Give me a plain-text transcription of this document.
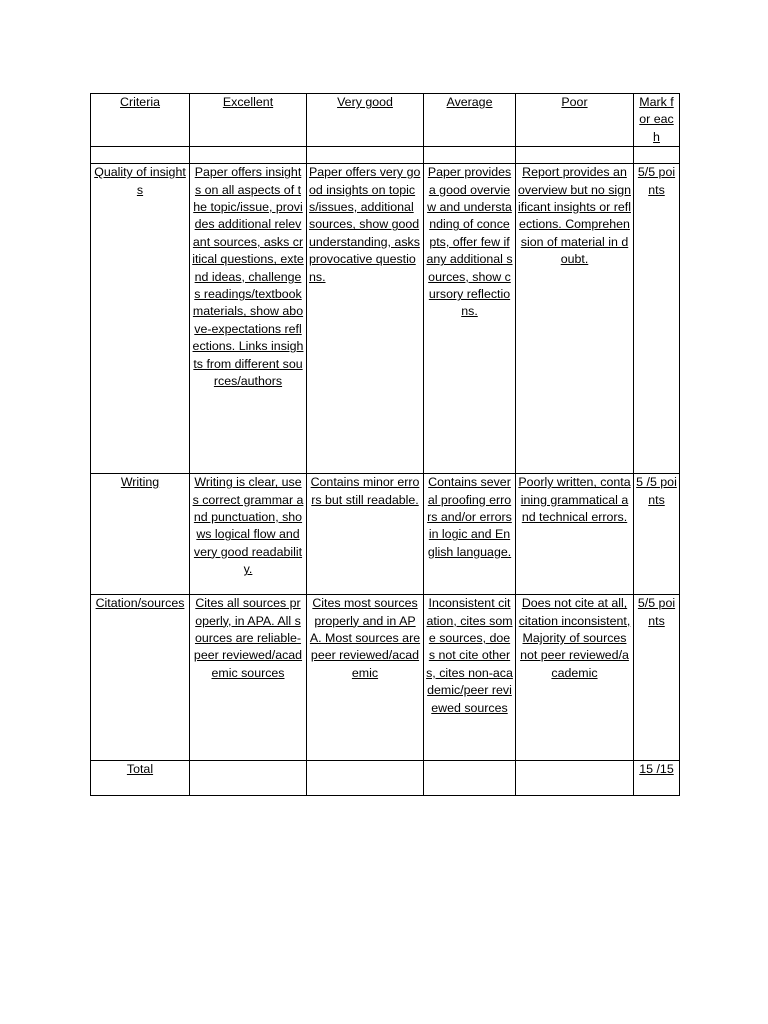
Criteria	Excellent	Very good	Average	Poor	Mark for each

Quality of insights	Paper offers insights on all aspects of the topic/issue, provides additional relevant sources, asks critical questions, extend ideas, challenges readings/textbook materials, show above-expectations reflections. Links insights from different sources/authors	Paper offers very good insights on topics/issues, additional sources, show good understanding, asks provocative questions.	Paper provides a good overview and understanding of concepts, offer few if any additional sources, show cursory reflections.	Report provides an overview but no significant insights or reflections. Comprehension of material in doubt.	5/5 points
Writing	Writing is clear, uses correct grammar and punctuation, shows logical flow and very good readability.	Contains minor errors but still readable.	Contains several proofing errors and/or errors in logic and English language.	Poorly written, containing grammatical and technical errors.	5 /5 points
Citation/sources	Cites all sources properly, in APA. All sources are reliable- peer reviewed/academic sources	Cites most sources properly and in APA. Most sources are peer reviewed/academic	Inconsistent citation, cites some sources, does not cite others, cites non-academic/peer reviewed sources	Does not cite at all, citation inconsistent, Majority of sources not peer reviewed/academic	5/5 points
Total					15 /15
